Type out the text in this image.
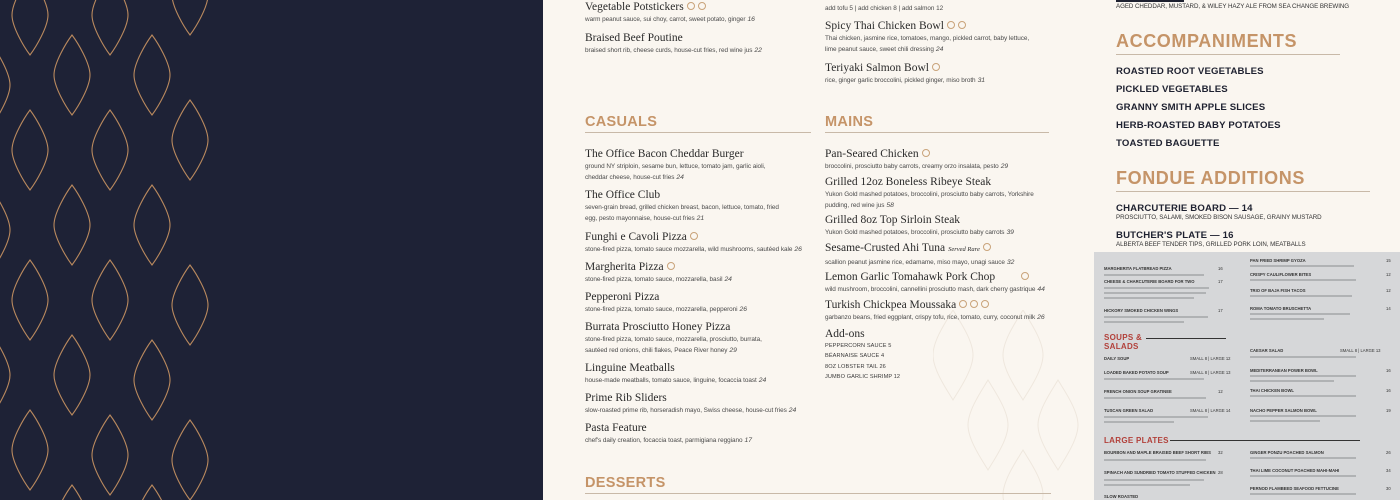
Vegetable Potstickers
warm peanut sauce, sui choy, carrot, sweet potato, ginger 16
Braised Beef Poutine
braised short rib, cheese curds, house-cut fries, red wine jus 22
add tofu 5 | add chicken 8 | add salmon 12
Spicy Thai Chicken Bowl
Thai chicken, jasmine rice, tomatoes, mango, pickled carrot, baby lettuce,
lime peanut sauce, sweet chili dressing 24
Teriyaki Salmon Bowl
rice, ginger garlic broccolini, pickled ginger, miso broth 31
CASUALS
The Office Bacon Cheddar Burger
ground NY striploin, sesame bun, lettuce, tomato jam, garlic aioli,
cheddar cheese, house-cut fries 24
The Office Club
seven-grain bread, grilled chicken breast, bacon, lettuce, tomato, fried
egg, pesto mayonnaise, house-cut fries 21
Funghi e Cavoli Pizza
stone-fired pizza, tomato sauce mozzarella, wild mushrooms, sautéed kale 26
Margherita Pizza
stone-fired pizza, tomato sauce, mozzarella, basil 24
Pepperoni Pizza
stone-fired pizza, tomato sauce, mozzarella, pepperoni 26
Burrata Prosciutto Honey Pizza
stone-fired pizza, tomato sauce, mozzarella, prosciutto, burrata,
sautéed red onions, chili flakes, Peace River honey 29
Linguine Meatballs
house-made meatballs, tomato sauce, linguine, focaccia toast 24
Prime Rib Sliders
slow-roasted prime rib, horseradish mayo, Swiss cheese, house-cut fries 24
Pasta Feature
chef's daily creation, focaccia toast, parmigiana reggiano 17
MAINS
Pan-Seared Chicken
broccolini, prosciutto baby carrots, creamy orzo insalata, pesto 29
Grilled 12oz Boneless Ribeye Steak
Yukon Gold mashed potatoes, broccolini, prosciutto baby carrots, Yorkshire
pudding, red wine jus 58
Grilled 8oz Top Sirloin Steak
Yukon Gold mashed potatoes, broccolini, prosciutto baby carrots 39
Sesame-Crusted Ahi Tuna Served Rare
scallion peanut jasmine rice, edamame, miso mayo, unagi sauce 32
Lemon Garlic Tomahawk Pork Chop
wild mushroom, broccolini, cannellini prosciutto mash, dark cherry gastrique 44
Turkish Chickpea Moussaka
garbanzo beans, fried eggplant, crispy tofu, rice, tomato, curry, coconut milk 26
Add-ons
PEPPERCORN SAUCE 5
BÉARNAISE SAUCE 4
8OZ LOBSTER TAIL 26
JUMBO GARLIC SHRIMP 12
DESSERTS
AGED CHEDDAR, MUSTARD, & WILEY HAZY ALE FROM SEA CHANGE BREWING
ACCOMPANIMENTS
ROASTED ROOT VEGETABLES
PICKLED VEGETABLES
GRANNY SMITH APPLE SLICES
HERB-ROASTED BABY POTATOES
TOASTED BAGUETTE
FONDUE ADDITIONS
CHARCUTERIE BOARD — 14
PROSCIUTTO, SALAMI, SMOKED BISON SAUSAGE, GRAINY MUSTARD
BUTCHER'S PLATE — 16
ALBERTA BEEF TENDER TIPS, GRILLED PORK LOIN, MEATBALLS
MARGHERITA FLATBREAD PIZZA
CHEESE & CHARCUTERIE BOARD FOR TWO
HICKORY SMOKED CHICKEN WINGS
SOUPS &
SALADS
DAILY SOUP
LOADED BAKED POTATO SOUP
FRENCH ONION SOUP GRATINEE
TUSCAN GREEN SALAD
LARGE PLATES
BOURBON AND MAPLE BRAISED BEEF SHORT RIBS
SPINACH AND SUNDRIED TOMATO STUFFED CHICKEN
SLOW ROASTED
16
17
17
SMALL 8 | LARGE 12
SMALL 8 | LARGE 13
12
SMALL 8 | LARGE 14
32
28
PAN FRIED SHRIMP GYOZA
CRISPY CAULIFLOWER BITES
TRIO OF BAJA FISH TACOS
ROMA TOMATO BRUSCHETTA
CAESAR SALAD
MEDITERRANEAN POWER BOWL
THAI CHICKEN BOWL
NACHO PEPPER SALMON BOWL
GINGER PONZU POACHED SALMON
THAI LIME COCONUT POACHED MAHI-MAHI
PERNOD FLAMBEED SEAFOOD FETTUCINE
15
12
12
14
SMALL 8 | LARGE 13
16
16
19
26
34
30
